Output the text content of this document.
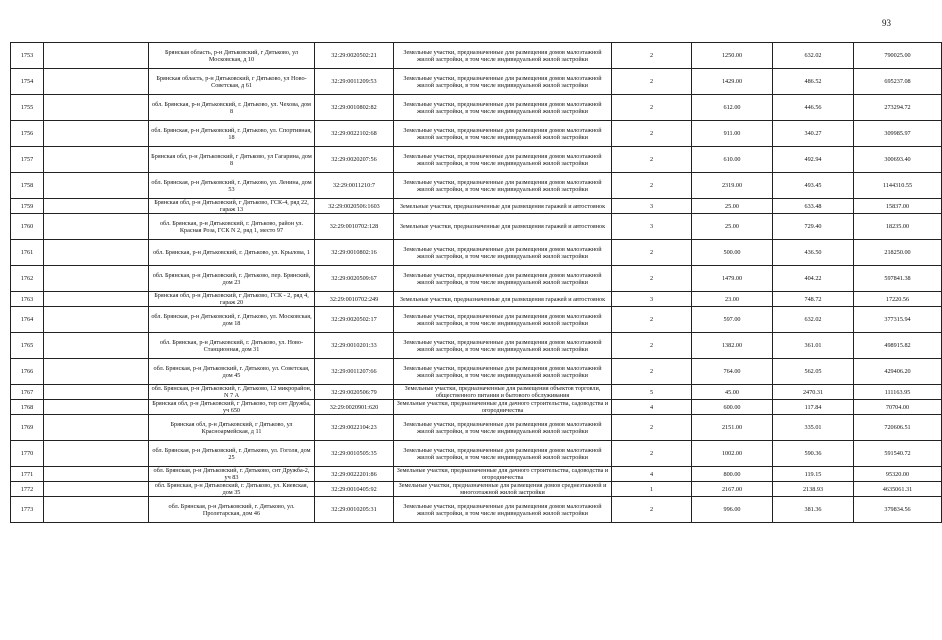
93
1753		Брянская область, р-н Дятьковский, г Дятьково, ул Московская, д 10	32:29:0020502:21	Земельные участки, предназначенные для размещения домов малоэтажной жилой застройки, в том числе индивидуальной жилой застройки	2	1250.00	632.02	790025.00
1754		Брянская область, р-н Дятьковский, г Дятьково, ул Ново-Советская, д 61	32:29:0011209:53	Земельные участки, предназначенные для размещения домов малоэтажной жилой застройки, в том числе индивидуальной жилой застройки	2	1429.00	486.52	695237.08
1755		обл. Брянская, р-н Дятьковский, г. Дятьково, ул. Чехова, дом 8	32:29:0010802:82	Земельные участки, предназначенные для размещения домов малоэтажной жилой застройки, в том числе индивидуальной жилой застройки	2	612.00	446.56	273294.72
1756		обл. Брянская, р-н Дятьковский, г. Дятьково, ул. Спортивная, 18	32:29:0022102:68	Земельные участки, предназначенные для размещения домов малоэтажной жилой застройки, в том числе индивидуальной жилой застройки	2	911.00	340.27	309985.97
1757		Брянская обл, р-н Дятьковский, г Дятьково, ул Гагарина, дом 8	32:29:0020207:56	Земельные участки, предназначенные для размещения домов малоэтажной жилой застройки, в том числе индивидуальной жилой застройки	2	610.00	492.94	300693.40
1758		обл. Брянская, р-н Дятьковский, г. Дятьково, ул. Ленина, дом 53	32:29:0011210:7	Земельные участки, предназначенные для размещения домов малоэтажной жилой застройки, в том числе индивидуальной жилой застройки	2	2319.00	493.45	1144310.55
1759		Брянская обл, р-н Дятьковский, г Дятьково, ГСК-4, ряд 22, гараж 13	32:29:0020506:1603	Земельные участки, предназначенные для размещения гаражей и автостоянок	3	25.00	633.48	15837.00
1760		обл. Брянская, р-н Дятьковский, г. Дятьково, район ул. Красная Роза, ГСК N 2, ряд 1, место 97	32:29:0010702:128	Земельные участки, предназначенные для размещения гаражей и автостоянок	3	25.00	729.40	18235.00
1761		обл. Брянская, р-н Дятьковский, г. Дятьково, ул. Крылова, 1	32:29:0010802:16	Земельные участки, предназначенные для размещения домов малоэтажной жилой застройки, в том числе индивидуальной жилой застройки	2	500.00	436.50	218250.00
1762		обл. Брянская, р-н Дятьковский, г. Дятьково, пер. Брянский, дом 23	32:29:0020509:67	Земельные участки, предназначенные для размещения домов малоэтажной жилой застройки, в том числе индивидуальной жилой застройки	2	1479.00	404.22	597841.38
1763		Брянская обл, р-н Дятьковский, г Дятьково, ГСК - 2, ряд 4, гараж 20	32:29:0010702:249	Земельные участки, предназначенные для размещения гаражей и автостоянок	3	23.00	748.72	17220.56
1764		обл. Брянская, р-н Дятьковский, г. Дятьково, ул. Московская, дом 18	32:29:0020502:17	Земельные участки, предназначенные для размещения домов малоэтажной жилой застройки, в том числе индивидуальной жилой застройки	2	597.00	632.02	377315.94
1765		обл. Брянская, р-н Дятьковский, г. Дятьково, ул. Ново-Станционная, дом 31	32:29:0010201:33	Земельные участки, предназначенные для размещения домов малоэтажной жилой застройки, в том числе индивидуальной жилой застройки	2	1382.00	361.01	498915.82
1766		обл. Брянская, р-н Дятьковский, г. Дятьково, ул. Советская, дом 45	32:29:0011207:66	Земельные участки, предназначенные для размещения домов малоэтажной жилой застройки, в том числе индивидуальной жилой застройки	2	764.00	562.05	429406.20
1767		обл. Брянская, р-н Дятьковский, г. Дятьково, 12 микрорайон, N 7 А	32:29:0020506:79	Земельные участки, предназначенные для размещения объектов торговли, общественного питания и бытового обслуживания	5	45.00	2470.31	111163.95
1768		Брянская обл, р-н Дятьковский, г Дятьково, тер снт Дружба, уч 650	32:29:0020901:620	Земельные участки, предназначенные для дачного строительства, садоводства и огородничества	4	600.00	117.84	70704.00
1769		Брянская обл, р-н Дятьковский, г Дятьково, ул Красноармейская, д 11	32:29:0022104:23	Земельные участки, предназначенные для размещения домов малоэтажной жилой застройки, в том числе индивидуальной жилой застройки	2	2151.00	335.01	720606.51
1770		обл. Брянская, р-н Дятьковский, г. Дятьково, ул. Гоголя, дом 25	32:29:0010505:35	Земельные участки, предназначенные для размещения домов малоэтажной жилой застройки, в том числе индивидуальной жилой застройки	2	1002.00	590.36	591540.72
1771		обл. Брянская, р-н Дятьковский, г. Дятьково, снт Дружба-2, уч 83	32:29:0022201:86	Земельные участки, предназначенные для дачного строительства, садоводства и огородничества	4	800.00	119.15	95320.00
1772		обл. Брянская, р-н Дятьковский, г. Дятьково, ул. Киевская, дом 35	32:29:0010405:92	Земельные участки, предназначенные для размещения домов среднеэтажной и многоэтажной жилой застройки	1	2167.00	2138.93	4635061.31
1773		обл. Брянская, р-н Дятьковский, г. Дятьково, ул. Пролетарская, дом 46	32:29:0010205:31	Земельные участки, предназначенные для размещения домов малоэтажной жилой застройки, в том числе индивидуальной жилой застройки	2	996.00	381.36	379834.56
